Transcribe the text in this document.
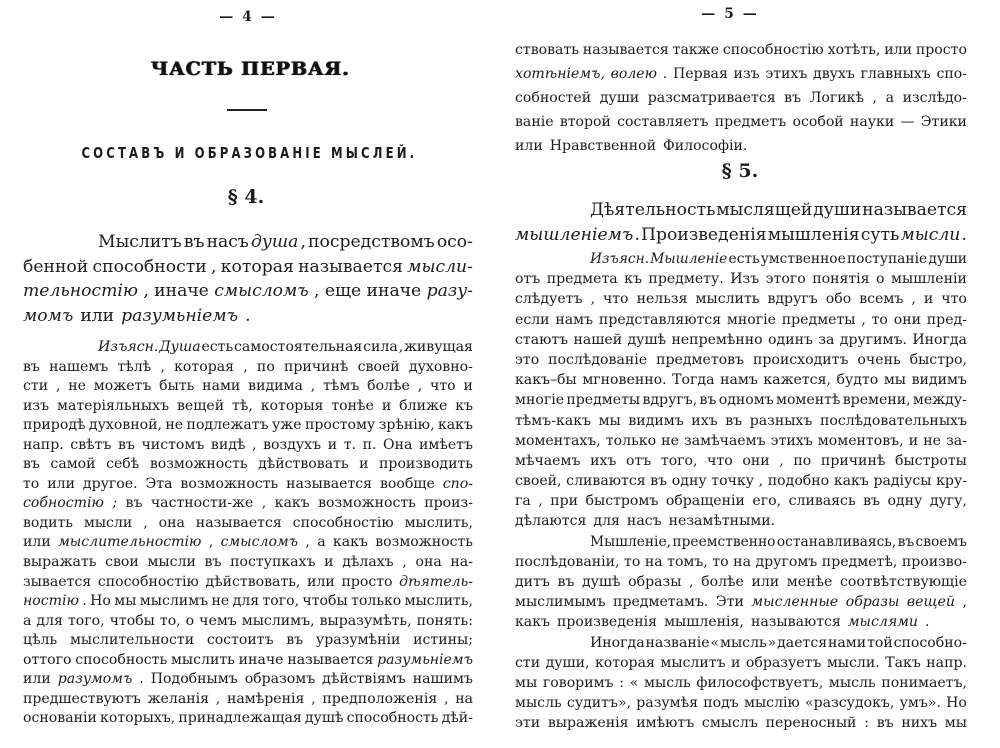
— 4 —
ЧАСТЬ ПЕРВАЯ.
СОСТАВЪ И ОБРАЗОВАНІЕ МЫСЛЕЙ.
§ 4.
— 5 —
§ 5.
Мыслитъ въ насъ душа , посредствомъ осо-
бенной способности , которая называется мысли-
тельностію , иначе смысломъ , еще иначе разу-
момъ или разумьніемъ .
Изъясн. Душа есть самостоятельная сила , живущая
въ нашемъ тѣлѣ , которая , по причинѣ своей духовно-
сти , не можетъ быть нами видима , тѣмъ болѣе , что и
изъ матеріяльныхъ вещей тѣ, которыя тонѣе и ближе къ
природѣ духовной, не подлежатъ уже простому зрѣнію, какъ
напр. свѣтъ въ чистомъ видѣ , воздухъ и т. п. Она имѣетъ
въ самой себѣ возможность дѣйствовать и производить
то или другое. Эта возможность называется вообще спо-
собностію ; въ частности-же , какъ возможность произ-
водить мысли , она называется способностію мыслить,
или мыслительностію , смысломъ , а какъ возможность
выражать свои мысли въ поступкахъ и дѣлахъ , она на-
зывается способностію дѣйствовать, или просто дѣятель-
ностію . Но мы мыслимъ не для того, чтобы только мыслить,
а для того, чтобы то, о чемъ мыслимъ, выразумѣть, понять:
цѣль мыслительности состоитъ въ уразумѣніи истины;
оттого способность мыслить иначе называется разумьніемъ
или разумомъ . Подобнымъ образомъ дѣйствіямъ нашимъ
предшествуютъ желанія , намѣренія , предположенія , на
основаніи которыхъ, принадлежащая душѣ способность дѣй-
ствовать называется также способностію хотѣть, или просто
хотѣніемъ, волею . Первая изъ этихъ двухъ главныхъ спо-
собностей души разсматривается въ Логикѣ , а изслѣдо-
ваніе второй составляетъ предметъ особой науки — Этики
или Нравственной Философіи.
Дѣятельность мыслящей души называется
мышленіемъ . Произведенія мышленія суть мысли .
Изъясн. Мышленіе есть умственное поступаніе души
отъ предмета къ предмету. Изъ этого понятія о мышленіи
слѣдуетъ , что нельзя мыслить вдругъ обо всемъ , и что
если намъ представляются многіе предметы , то они пред-
стаютъ нашей душѣ непремѣнно одинъ за другимъ. Иногда
это послѣдованіе предметовъ происходитъ очень быстро,
какъ–бы мгновенно. Тогда намъ кажется, будто мы видимъ
многіе предметы вдругъ, въ одномъ моментѣ времени, между-
тѣмъ-какъ мы видимъ ихъ въ разныхъ послѣдовательныхъ
моментахъ, только не замѣчаемъ этихъ моментовъ, и не за-
мѣчаемъ ихъ отъ того, что они , по причинѣ быстроты
своей, сливаются въ одну точку , подобно какъ радіусы кру-
га , при быстромъ обращеніи его, сливаясь въ одну дугу,
дѣлаются для насъ незамѣтными.
Мышленіе, преемственно останавливаясь, въ своемъ
послѣдованіи, то на томъ, то на другомъ предметѣ, произво-
дитъ въ душѣ образы , болѣе или менѣе соотвѣтствующіе
мыслимымъ предметамъ. Эти мысленные образы вещей ,
какъ произведенія мышленія, называются мыслями .
Иногда названіе « мысль » дается нами той способно-
сти души, которая мыслитъ и образуетъ мысли. Такъ напр.
мы говоримъ : « мысль философствуетъ, мысль понимаетъ,
мысль судитъ», разумѣя подъ мыслію «разсудокъ, умъ». Но
эти выраженія имѣютъ смыслъ переносный : въ нихъ мы
